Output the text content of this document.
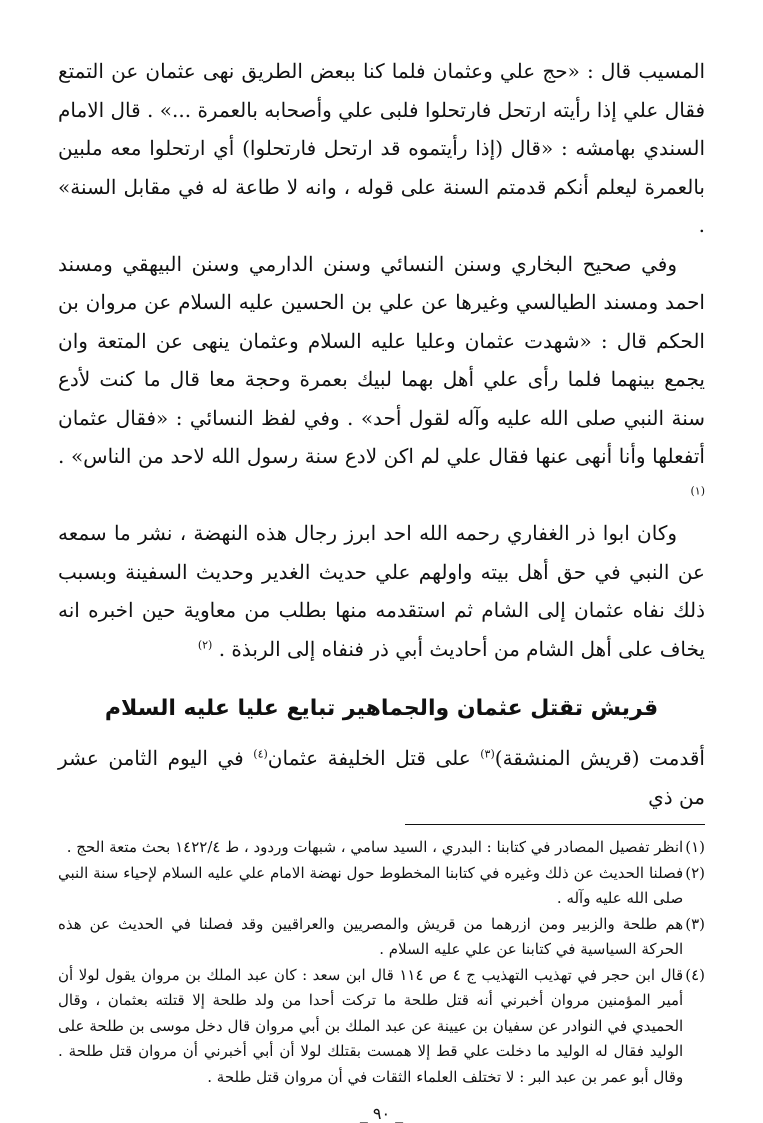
المسيب قال : «حج علي وعثمان فلما كنا ببعض الطريق نهى عثمان عن التمتع فقال علي إذا رأيته ارتحل فارتحلوا فلبى علي وأصحابه بالعمرة ...» . قال الامام السندي بهامشه : «قال (إذا رأيتموه قد ارتحل فارتحلوا) أي ارتحلوا معه ملبين بالعمرة ليعلم أنكم قدمتم السنة على قوله ، وانه لا طاعة له في مقابل السنة» .

وفي صحيح البخاري وسنن النسائي وسنن الدارمي وسنن البيهقي ومسند احمد ومسند الطيالسي وغيرها عن علي بن الحسين عليه السلام عن مروان بن الحكم قال : «شهدت عثمان وعليا عليه السلام وعثمان ينهى عن المتعة وان يجمع بينهما فلما رأى علي أهل بهما لبيك بعمرة وحجة معا قال ما كنت لأدع سنة النبي صلى الله عليه وآله لقول أحد» . وفي لفظ النسائي : «فقال عثمان أتفعلها وأنا أنهى عنها فقال علي لم اكن لادع سنة رسول الله لاحد من الناس» . $^{(١)}$

وكان ابوا ذر الغفاري رحمه الله احد ابرز رجال هذه النهضة ، نشر ما سمعه عن النبي في حق أهل بيته واولهم علي حديث الغدير وحديث السفينة وبسبب ذلك نفاه عثمان إلى الشام ثم استقدمه منها بطلب من معاوية حين اخبره انه يخاف على أهل الشام من أحاديث أبي ذر فنفاه إلى الربذة . $^{(٢)}$

قريش تقتل عثمان والجماهير تبايع عليا عليه السلام

أقدمت (قريش المنشقة)$^{(٣)}$ على قتل الخليفة عثمان$^{(٤)}$ في اليوم الثامن عشر من ذي

(١)
انظر تفصيل المصادر في كتابنا : البدري ، السيد سامي ، شبهات وردود ، ط ١٤٢٢/٤ بحث متعة الحج .
(٢)
فصلنا الحديث عن ذلك وغيره في كتابنا المخطوط حول نهضة الامام علي عليه السلام لإحياء سنة النبي صلى الله عليه وآله .
(٣)
هم طلحة والزبير ومن ازرهما من قريش والمصريين والعراقيين وقد فصلنا في الحديث عن هذه الحركة السياسية في كتابنا عن علي عليه السلام .
(٤)
قال ابن حجر في تهذيب التهذيب ج ٤ ص ١١٤ قال ابن سعد : كان عبد الملك بن مروان يقول لولا أن أمير المؤمنين مروان أخبرني أنه قتل طلحة ما تركت أحدا من ولد طلحة إلا قتلته بعثمان ، وقال الحميدي في النوادر عن سفيان بن عيينة عن عبد الملك بن أبي مروان قال دخل موسى بن طلحة على الوليد فقال له الوليد ما دخلت علي قط إلا همست بقتلك لولا أن أبي أخبرني أن مروان قتل طلحة . وقال أبو عمر بن عبد البر : لا تختلف العلماء الثقات في أن مروان قتل طلحة .
_ ٩٠ _
